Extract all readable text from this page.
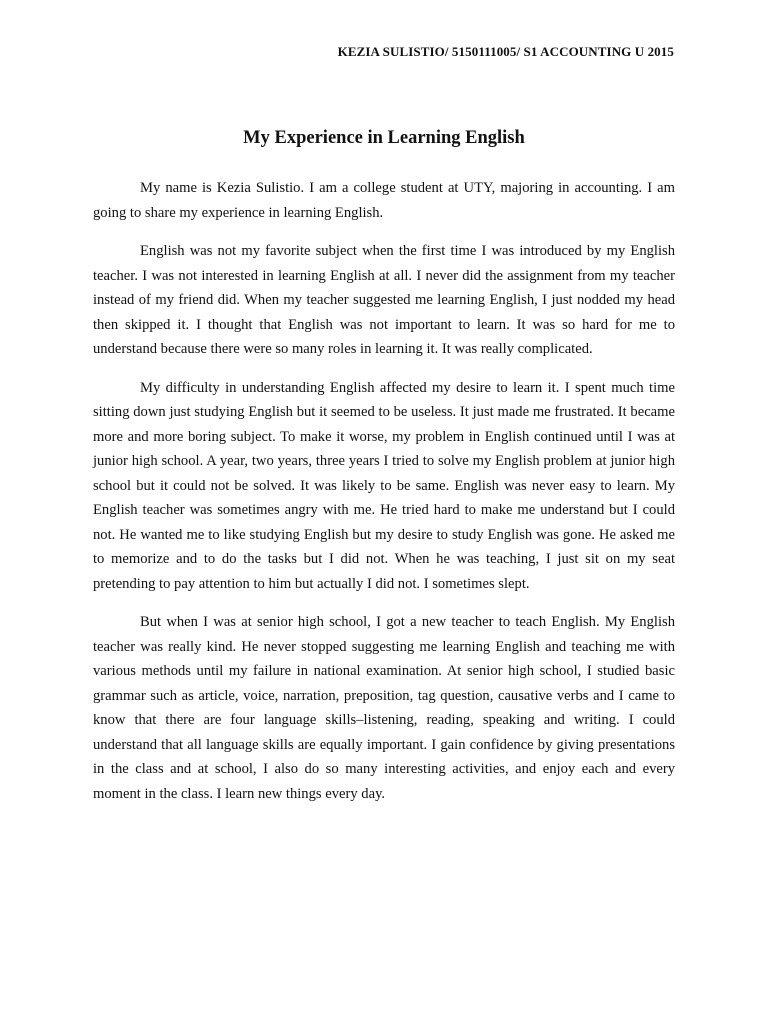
KEZIA SULISTIO/ 5150111005/ S1 ACCOUNTING U 2015
My Experience in Learning English

My name is Kezia Sulistio. I am a college student at UTY, majoring in accounting. I am going to share my experience in learning English.

English was not my favorite subject when the first time I was introduced by my English teacher. I was not interested in learning English at all. I never did the assignment from my teacher instead of my friend did. When my teacher suggested me learning English, I just nodded my head then skipped it. I thought that English was not important to learn. It was so hard for me to understand because there were so many roles in learning it. It was really complicated.

My difficulty in understanding English affected my desire to learn it. I spent much time sitting down just studying English but it seemed to be useless. It just made me frustrated. It became more and more boring subject. To make it worse, my problem in English continued until I was at junior high school. A year, two years, three years I tried to solve my English problem at junior high school but it could not be solved. It was likely to be same. English was never easy to learn. My English teacher was sometimes angry with me. He tried hard to make me understand but I could not. He wanted me to like studying English but my desire to study English was gone. He asked me to memorize and to do the tasks but I did not. When he was teaching, I just sit on my seat pretending to pay attention to him but actually I did not. I sometimes slept.

But when I was at senior high school, I got a new teacher to teach English. My English teacher was really kind. He never stopped suggesting me learning English and teaching me with various methods until my failure in national examination. At senior high school, I studied basic grammar such as article, voice, narration, preposition, tag question, causative verbs and I came to know that there are four language skills–listening, reading, speaking and writing. I could understand that all language skills are equally important. I gain confidence by giving presentations in the class and at school, I also do so many interesting activities, and enjoy each and every moment in the class. I learn new things every day.
